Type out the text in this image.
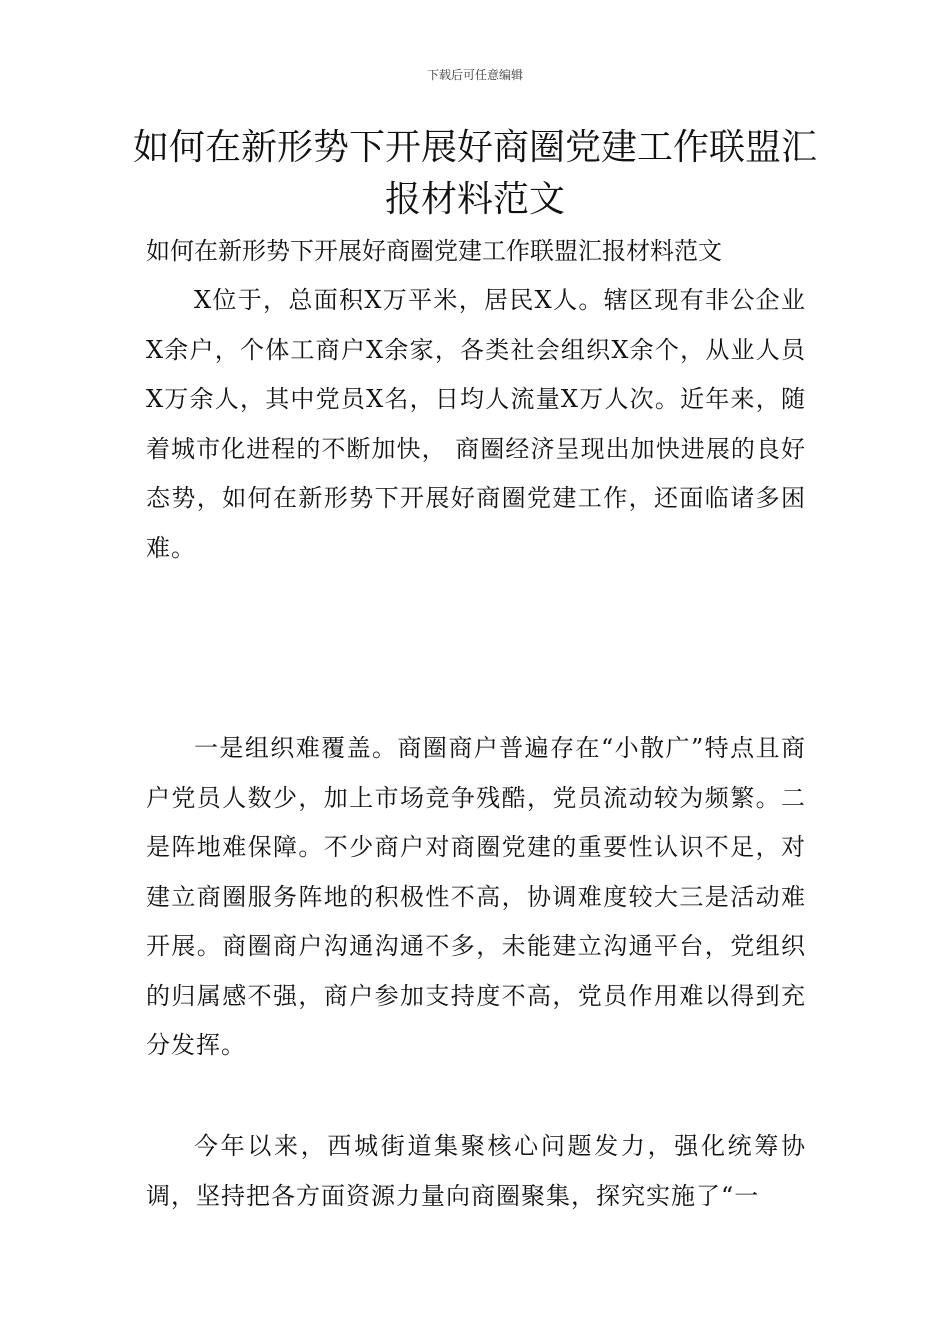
下载后可任意编辑
如何在新形势下开展好商圈党建工作联盟汇报材料范文

如何在新形势下开展好商圈党建工作联盟汇报材料范文

X位于，总面积X万平米，居民X人。辖区现有非公企业X余户，个体工商户X余家，各类社会组织X余个，从业人员X万余人，其中党员X名，日均人流量X万人次。近年来，随着城市化进程的不断加快， 商圈经济呈现出加快进展的良好态势，如何在新形势下开展好商圈党建工作，还面临诸多困难。

一是组织难覆盖。商圈商户普遍存在“小散广”特点且商户党员人数少，加上市场竞争残酷，党员流动较为频繁。二是阵地难保障。不少商户对商圈党建的重要性认识不足，对建立商圈服务阵地的积极性不高，协调难度较大三是活动难开展。商圈商户沟通沟通不多，未能建立沟通平台，党组织的归属感不强，商户参加支持度不高，党员作用难以得到充分发挥。

今年以来，西城街道集聚核心问题发力，强化统筹协调，坚持把各方面资源力量向商圈聚集，探究实施了“一
